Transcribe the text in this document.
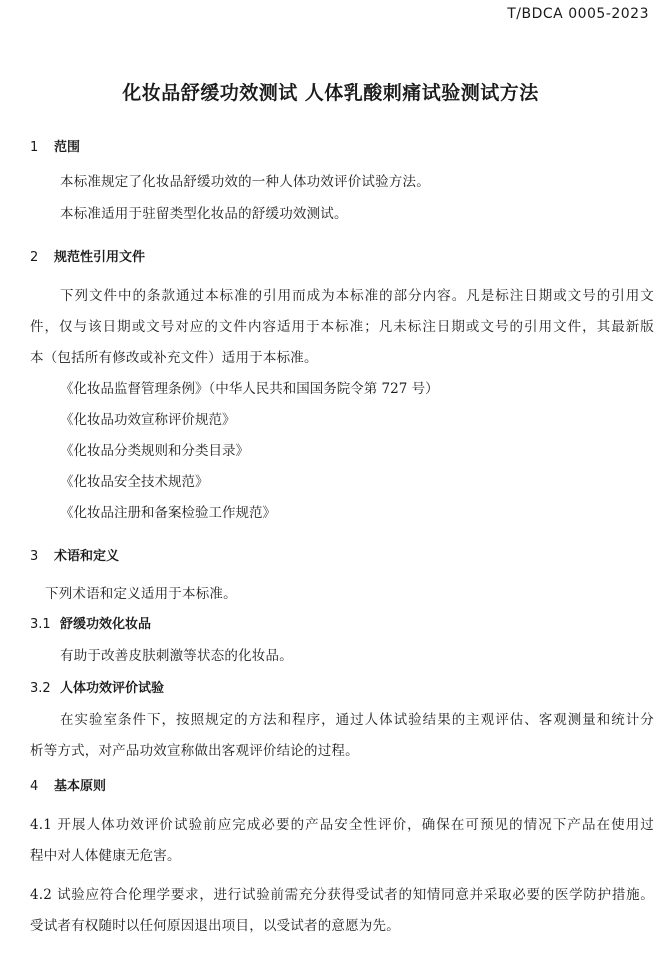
T/BDCA 0005-2023
化妆品舒缓功效测试 人体乳酸刺痛试验测试方法
1 范围
本标准规定了化妆品舒缓功效的一种人体功效评价试验方法。
本标准适用于驻留类型化妆品的舒缓功效测试。
2 规范性引用文件
下列文件中的条款通过本标准的引用而成为本标准的部分内容。凡是标注日期或文号的引用文
件，仅与该日期或文号对应的文件内容适用于本标准；凡未标注日期或文号的引用文件，其最新版
本（包括所有修改或补充文件）适用于本标准。
《化妆品监督管理条例》（中华人民共和国国务院令第 727 号）
《化妆品功效宣称评价规范》
《化妆品分类规则和分类目录》
《化妆品安全技术规范》
《化妆品注册和备案检验工作规范》
3 术语和定义
下列术语和定义适用于本标准。
3.1 舒缓功效化妆品
有助于改善皮肤刺激等状态的化妆品。
3.2 人体功效评价试验
在实验室条件下，按照规定的方法和程序，通过人体试验结果的主观评估、客观测量和统计分
析等方式，对产品功效宣称做出客观评价结论的过程。
4 基本原则
4.1 开展人体功效评价试验前应完成必要的产品安全性评价，确保在可预见的情况下产品在使用过
程中对人体健康无危害。
4.2 试验应符合伦理学要求，进行试验前需充分获得受试者的知情同意并采取必要的医学防护措施。
受试者有权随时以任何原因退出项目，以受试者的意愿为先。
